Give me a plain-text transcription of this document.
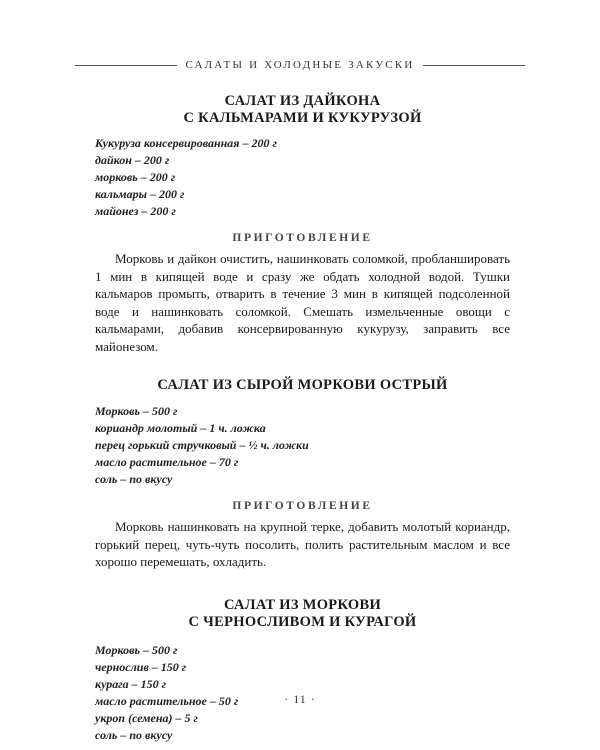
САЛАТЫ И ХОЛОДНЫЕ ЗАКУСКИ
САЛАТ ИЗ ДАЙКОНА
С КАЛЬМАРАМИ И КУКУРУЗОЙ
Кукуруза консервированная – 200 г
дайкон – 200 г
морковь – 200 г
кальмары – 200 г
майонез – 200 г
ПРИГОТОВЛЕНИЕ

Морковь и дайкон очистить, нашинковать соломкой, пробланшировать 1 мин в кипящей воде и сразу же обдать холодной водой. Тушки кальмаров промыть, отварить в течение 3 мин в кипящей подсоленной воде и нашинковать соломкой. Смешать измельченные овощи с кальмарами, добавив консервированную кукурузу, заправить все майонезом.

САЛАТ ИЗ СЫРОЙ МОРКОВИ ОСТРЫЙ
Морковь – 500 г
кориандр молотый – 1 ч. ложка
перец горький стручковый – ½ ч. ложки
масло растительное – 70 г
соль – по вкусу
ПРИГОТОВЛЕНИЕ

Морковь нашинковать на крупной терке, добавить молотый кориандр, горький перец, чуть-чуть посолить, полить растительным маслом и все хорошо перемешать, охладить.

САЛАТ ИЗ МОРКОВИ
С ЧЕРНОСЛИВОМ И КУРАГОЙ
Морковь – 500 г
чернослив – 150 г
курага – 150 г
масло растительное – 50 г
укроп (семена) – 5 г
соль – по вкусу
· 11 ·
